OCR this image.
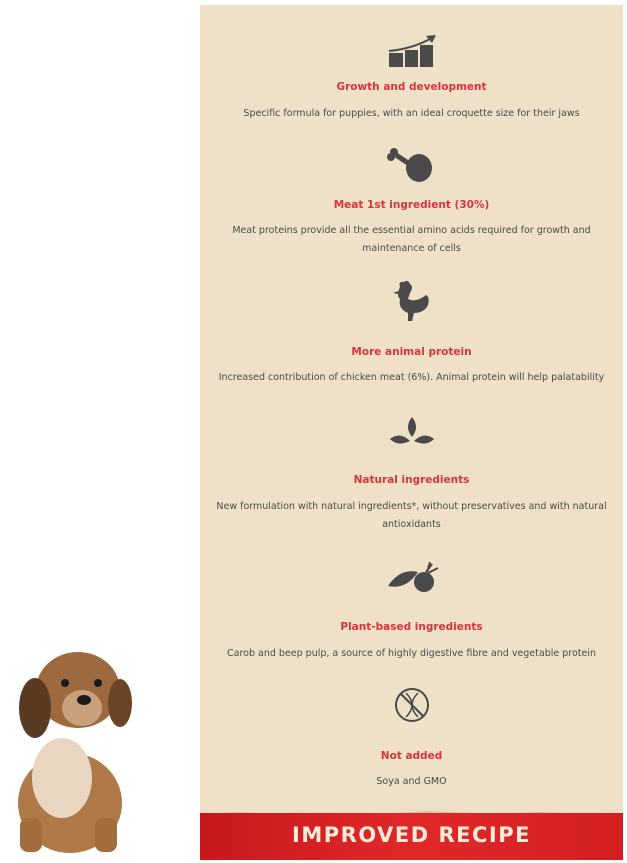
Growth and development
Specific formula for puppies, with an ideal croquette size for their jaws
Meat 1st ingredient (30%)
Meat proteins provide all the essential amino acids required for growth and maintenance of cells
More animal protein
Increased contribution of chicken meat (6%). Animal protein will help palatability
Natural ingredients
New formulation with natural ingredients*, without preservatives and with natural antioxidants
Plant-based ingredients
Carob and beep pulp, a source of highly digestive fibre and vegetable protein
Not added
Soya and GMO
IMPROVED RECIPE
